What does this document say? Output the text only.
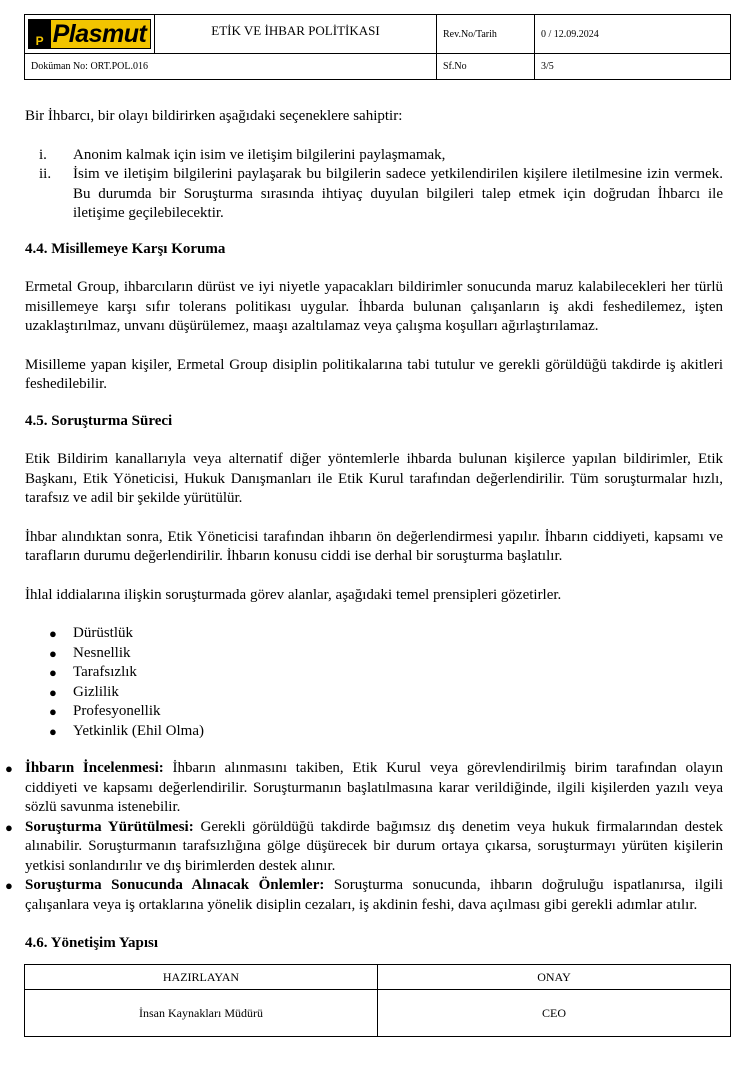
P Plasmut	ETİK VE İHBAR POLİTİKASI	Rev.No/Tarih	0 / 12.09.2024
Doküman No: ORT.POL.016		Sf.No	3/5

Bir İhbarcı, bir olayı bildirirken aşağıdaki seçeneklere sahiptir:

i.	Anonim kalmak için isim ve iletişim bilgilerini paylaşmamak,
ii.	İsim ve iletişim bilgilerini paylaşarak bu bilgilerin sadece yetkilendirilen kişilere iletilmesine izin vermek. Bu durumda bir Soruşturma sırasında ihtiyaç duyulan bilgileri talep etmek için doğrudan İhbarcı ile iletişime geçilebilecektir.
4.4. Misillemeye Karşı Koruma

Ermetal Group, ihbarcıların dürüst ve iyi niyetle yapacakları bildirimler sonucunda maruz kalabilecekleri her türlü misillemeye karşı sıfır tolerans politikası uygular. İhbarda bulunan çalışanların iş akdi feshedilemez, işten uzaklaştırılmaz, unvanı düşürülemez, maaşı azaltılamaz veya çalışma koşulları ağırlaştırılamaz.

Misilleme yapan kişiler, Ermetal Group disiplin politikalarına tabi tutulur ve gerekli görüldüğü takdirde iş akitleri feshedilebilir.

4.5. Soruşturma Süreci

Etik Bildirim kanallarıyla veya alternatif diğer yöntemlerle ihbarda bulunan kişilerce yapılan bildirimler, Etik Başkanı, Etik Yöneticisi, Hukuk Danışmanları ile Etik Kurul tarafından değerlendirilir. Tüm soruşturmalar hızlı, tarafsız ve adil bir şekilde yürütülür.

İhbar alındıktan sonra, Etik Yöneticisi tarafından ihbarın ön değerlendirmesi yapılır. İhbarın ciddiyeti, kapsamı ve tarafların durumu değerlendirilir. İhbarın konusu ciddi ise derhal bir soruşturma başlatılır.

İhlal iddialarına ilişkin soruşturmada görev alanlar, aşağıdaki temel prensipleri gözetirler.

●	Dürüstlük
●	Nesnellik
●	Tarafsızlık
●	Gizlilik
●	Profesyonellik
●	Yetkinlik (Ehil Olma)
● İhbarın İncelenmesi: İhbarın alınmasını takiben, Etik Kurul veya görevlendirilmiş birim tarafından olayın ciddiyeti ve kapsamı değerlendirilir. Soruşturmanın başlatılmasına karar verildiğinde, ilgili kişilerden yazılı veya sözlü savunma istenebilir.
● Soruşturma Yürütülmesi: Gerekli görüldüğü takdirde bağımsız dış denetim veya hukuk firmalarından destek alınabilir. Soruşturmanın tarafsızlığına gölge düşürecek bir durum ortaya çıkarsa, soruşturmayı yürüten kişilerin yetkisi sonlandırılır ve dış birimlerden destek alınır.
● Soruşturma Sonucunda Alınacak Önlemler: Soruşturma sonucunda, ihbarın doğruluğu ispatlanırsa, ilgili çalışanlara veya iş ortaklarına yönelik disiplin cezaları, iş akdinin feshi, dava açılması gibi gerekli adımlar atılır.
4.6. Yönetişim Yapısı
HAZIRLAYAN	ONAY
İnsan Kaynakları Müdürü	CEO
